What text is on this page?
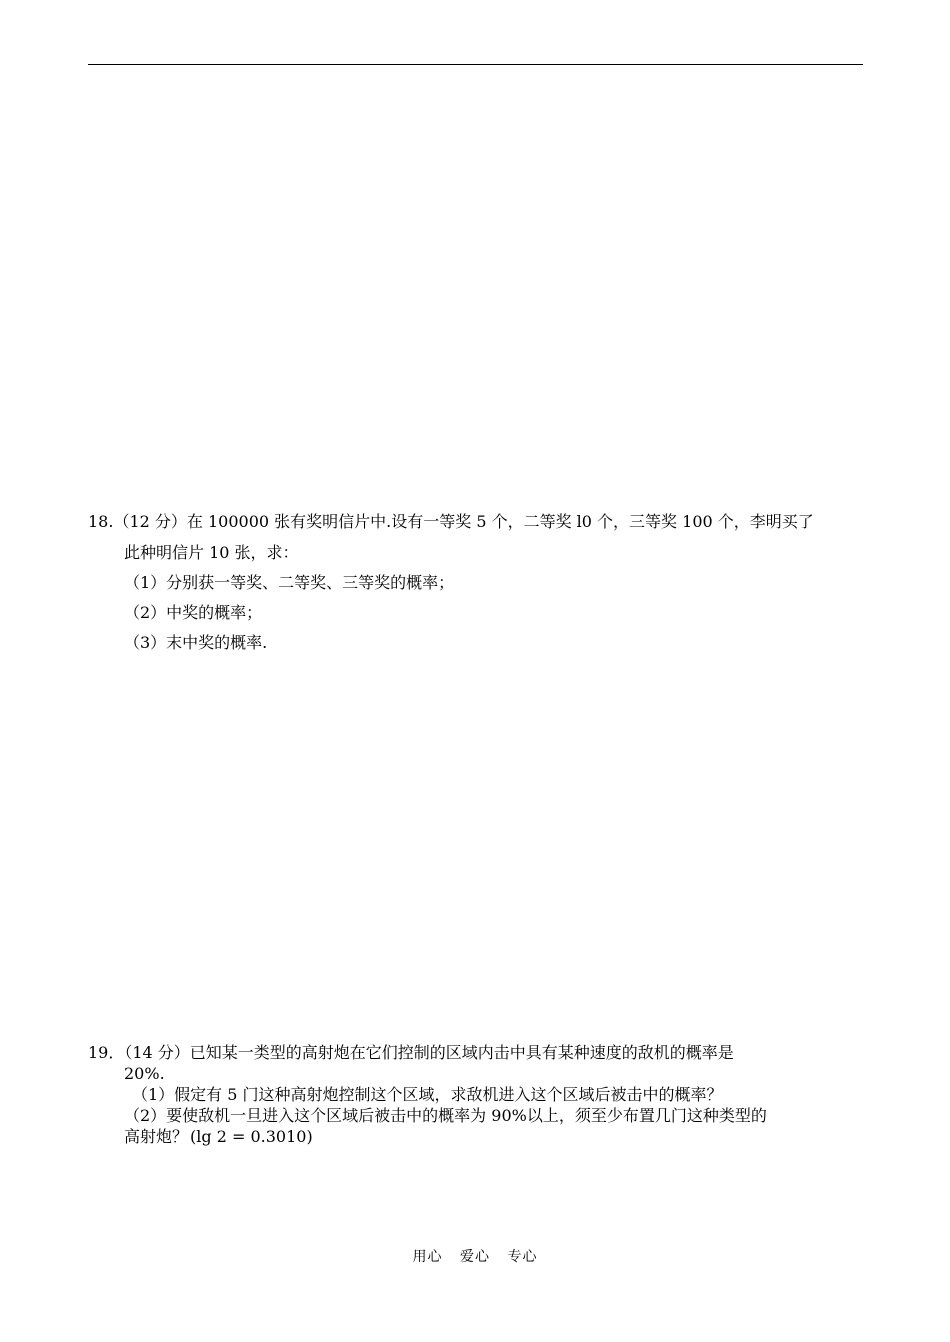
18.（12 分）在 100000 张有奖明信片中.设有一等奖 5 个，二等奖 l0 个，三等奖 100 个，李明买了
此种明信片 10 张，求：
（1）分别获一等奖、二等奖、三等奖的概率；
（2）中奖的概率；
（3）末中奖的概率.
19．（14 分）已知某一类型的高射炮在它们控制的区域内击中具有某种速度的敌机的概率是
20%.
（1）假定有 5 门这种高射炮控制这个区域，求敌机进入这个区域后被击中的概率？
（2）要使敌机一旦进入这个区域后被击中的概率为 90%以上，须至少布置几门这种类型的
高射炮？ (lg 2 = 0.3010)
用心 爱心 专心
